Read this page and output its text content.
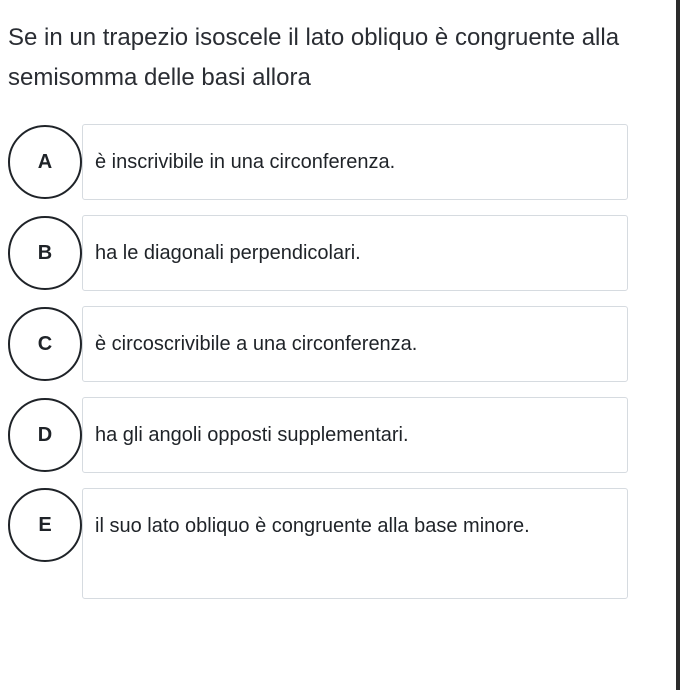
Se in un trapezio isoscele il lato obliquo è congruente alla semisomma delle basi allora
A	è inscrivibile in una circonferenza.
B	ha le diagonali perpendicolari.
C	è circoscrivibile a una circonferenza.
D	ha gli angoli opposti supplementari.
E	il suo lato obliquo è congruente alla base minore.
